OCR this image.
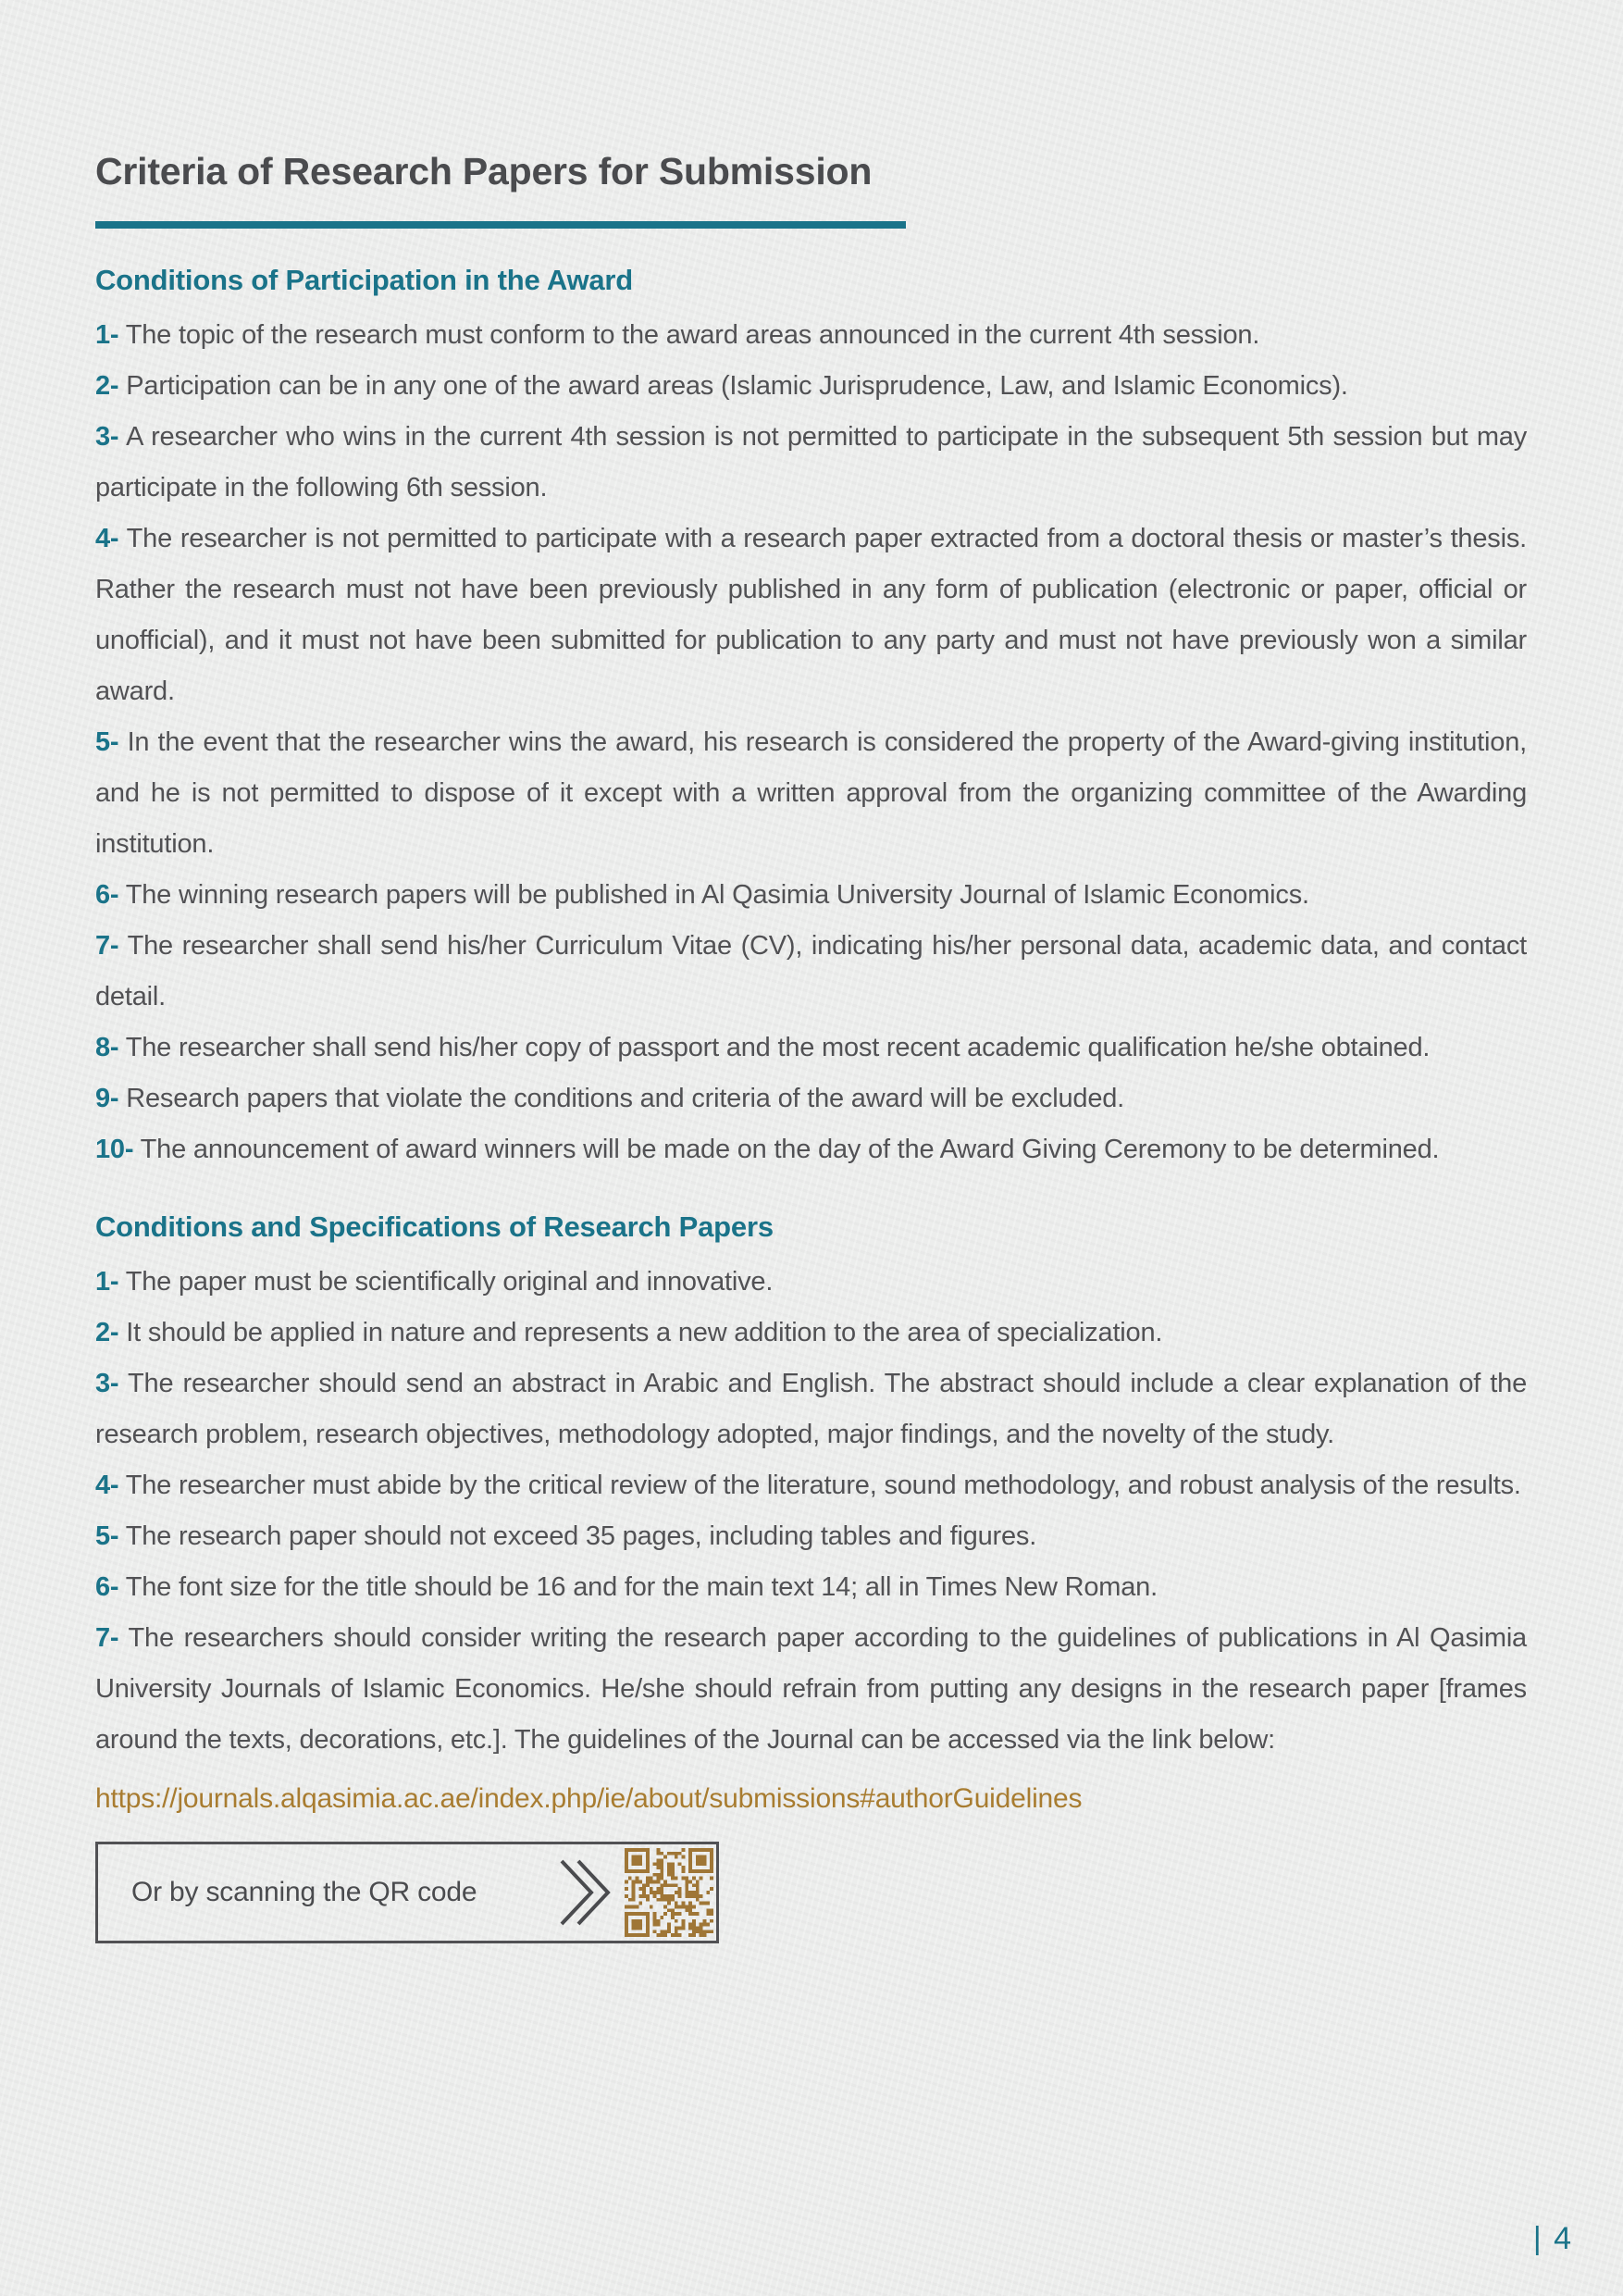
Criteria of Research Papers for Submission
Conditions of Participation in the Award

1- The topic of the research must conform to the award areas announced in the current 4th session.

2- Participation can be in any one of the award areas (Islamic Jurisprudence, Law, and Islamic Economics).

3- A researcher who wins in the current 4th session is not permitted to participate in the subsequent 5th session but may participate in the following 6th session.

4- The researcher is not permitted to participate with a research paper extracted from a doctoral thesis or master’s thesis. Rather the research must not have been previously published in any form of publication (electronic or paper, official or unofficial), and it must not have been submitted for publication to any party and must not have previously won a similar award.

5- In the event that the researcher wins the award, his research is considered the property of the Award-giving institution, and he is not permitted to dispose of it except with a written approval from the organizing committee of the Awarding institution.

6- The winning research papers will be published in Al Qasimia University Journal of Islamic Economics.

7- The researcher shall send his/her Curriculum Vitae (CV), indicating his/her personal data, academic data, and contact detail.

8- The researcher shall send his/her copy of passport and the most recent academic qualification he/she obtained.

9- Research papers that violate the conditions and criteria of the award will be excluded.

10- The announcement of award winners will be made on the day of the Award Giving Ceremony to be determined.

Conditions and Specifications of Research Papers

1- The paper must be scientifically original and innovative.

2- It should be applied in nature and represents a new addition to the area of specialization.

3- The researcher should send an abstract in Arabic and English. The abstract should include a clear explanation of the research problem, research objectives, methodology adopted, major findings, and the novelty of the study.

4- The researcher must abide by the critical review of the literature, sound methodology, and robust analysis of the results.

5- The research paper should not exceed 35 pages, including tables and figures.

6- The font size for the title should be 16 and for the main text 14; all in Times New Roman.

7- The researchers should consider writing the research paper according to the guidelines of publications in Al Qasimia University Journals of Islamic Economics. He/she should refrain from putting any designs in the research paper [frames around the texts, decorations, etc.]. The guidelines of the Journal can be accessed via the link below:

https://journals.alqasimia.ac.ae/index.php/ie/about/submissions#authorGuidelines
Or by scanning the QR code
| 4
